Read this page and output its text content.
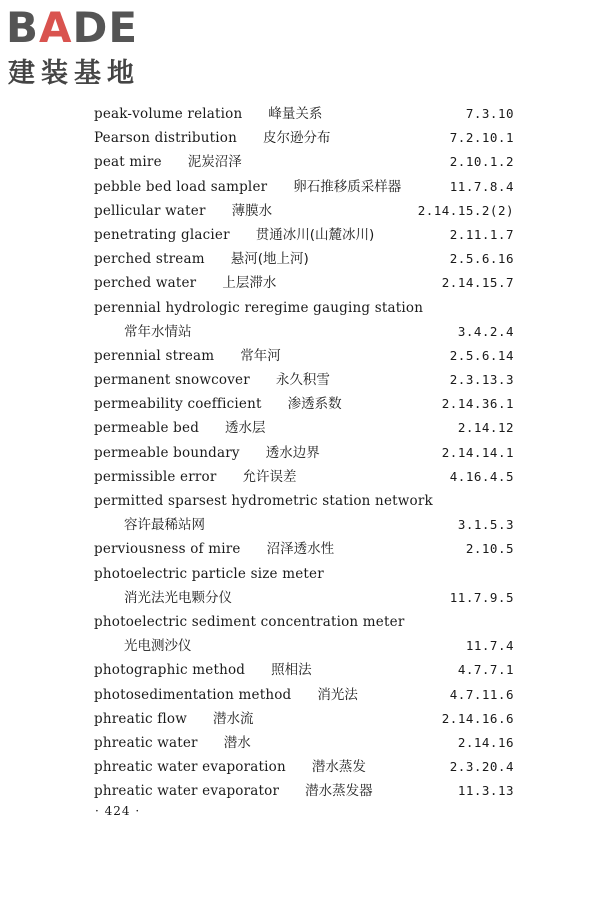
BADE
建装基地
peak-volume relation 峰量关系	7.3.10
Pearson distribution 皮尔逊分布	7.2.10.1
peat mire 泥炭沼泽	2.10.1.2
pebble bed load sampler 卵石推移质采样器	11.7.8.4
pellicular water 薄膜水	2.14.15.2(2)
penetrating glacier 贯通冰川(山麓冰川)	2.11.1.7
perched stream 悬河(地上河)	2.5.6.16
perched water 上层滞水	2.14.15.7
perennial hydrologic reregime gauging station
常年水情站	3.4.2.4
perennial stream 常年河	2.5.6.14
permanent snowcover 永久积雪	2.3.13.3
permeability coefficient 渗透系数	2.14.36.1
permeable bed 透水层	2.14.12
permeable boundary 透水边界	2.14.14.1
permissible error 允许误差	4.16.4.5
permitted sparsest hydrometric station network
容许最稀站网	3.1.5.3
perviousness of mire 沼泽透水性	2.10.5
photoelectric particle size meter
消光法光电颗分仪	11.7.9.5
photoelectric sediment concentration meter
光电测沙仪	11.7.4
photographic method 照相法	4.7.7.1
photosedimentation method 消光法	4.7.11.6
phreatic flow 潜水流	2.14.16.6
phreatic water 潜水	2.14.16
phreatic water evaporation 潜水蒸发	2.3.20.4
phreatic water evaporator 潜水蒸发器	11.3.13
· 424 ·
